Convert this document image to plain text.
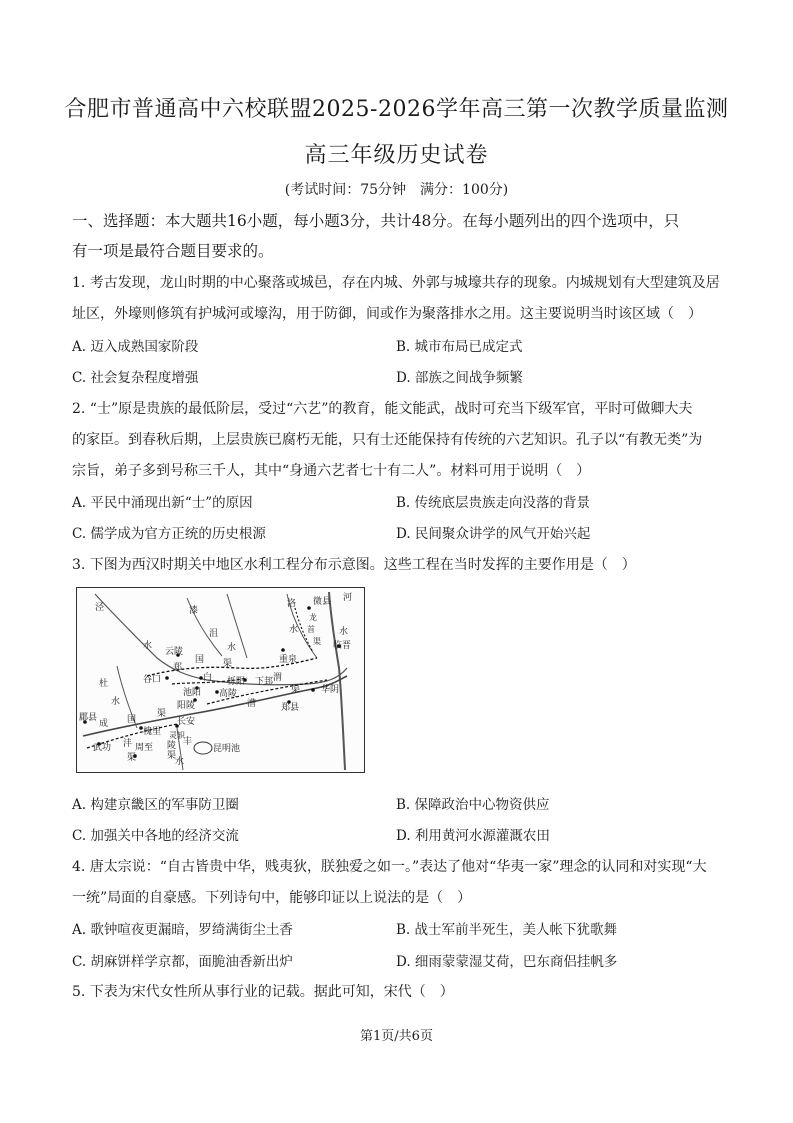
合肥市普通高中六校联盟2025-2026学年高三第一次教学质量监测
高三年级历史试卷
(考试时间：75分钟　满分：100分)
一、选择题：本大题共16小题，每小题3分，共计48分。在每小题列出的四个选项中，只
有一项是最符合题目要求的。
1. 考古发现，龙山时期的中心聚落或城邑，存在内城、外郭与城壕共存的现象。内城规划有大型建筑及居
址区，外壕则修筑有护城河或壕沟，用于防御，间或作为聚落排水之用。这主要说明当时该区域（　）
A. 迈入成熟国家阶段	B. 城市布局已成定式
C. 社会复杂程度增强	D. 部族之间战争频繁
2. “士”原是贵族的最低阶层，受过“六艺”的教育，能文能武，战时可充当下级军官，平时可做卿大夫
的家臣。到春秋后期，上层贵族已腐朽无能，只有士还能保持有传统的六艺知识。孔子以“有教无类”为
宗旨，弟子多到号称三千人，其中“身通六艺者七十有二人”。材料可用于说明（　）
A. 平民中涌现出新“士”的原因	B. 传统底层贵族走向没落的背景
C. 儒学成为官方正统的历史根源	D. 民间聚众讲学的风气开始兴起
3. 下图为西汉时期关中地区水利工程分布示意图。这些工程在当时发挥的主要作用是（　）
泾
水
漆
沮
水
洛
水
河
水
微县
龙
首
渠 临晋
云陵
郑
国 渠	重泉
谷口	白 栎阳 下邽
池阳 高陵
阳陵
杜
水
成 国
渠
渭
渠
漕	郑县
华阴
郿县
槐里
长安
武功 沣
灵轵
渠
周至
丰
昆明池
水
陵
渠
A. 构建京畿区的军事防卫圈	B. 保障政治中心物资供应
C. 加强关中各地的经济交流	D. 利用黄河水源灌溉农田
4. 唐太宗说：“自古皆贵中华，贱夷狄，朕独爱之如一。”表达了他对“华夷一家”理念的认同和对实现“大
一统”局面的自豪感。下列诗句中，能够印证以上说法的是（　）
A. 歌钟喧夜更漏暗，罗绮满街尘土香	B. 战士军前半死生，美人帐下犹歌舞
C. 胡麻饼样学京都，面脆油香新出炉	D. 细雨蒙蒙湿艾荷，巴东商侣挂帆多
5. 下表为宋代女性所从事行业的记载。据此可知，宋代（　）
第1页/共6页
